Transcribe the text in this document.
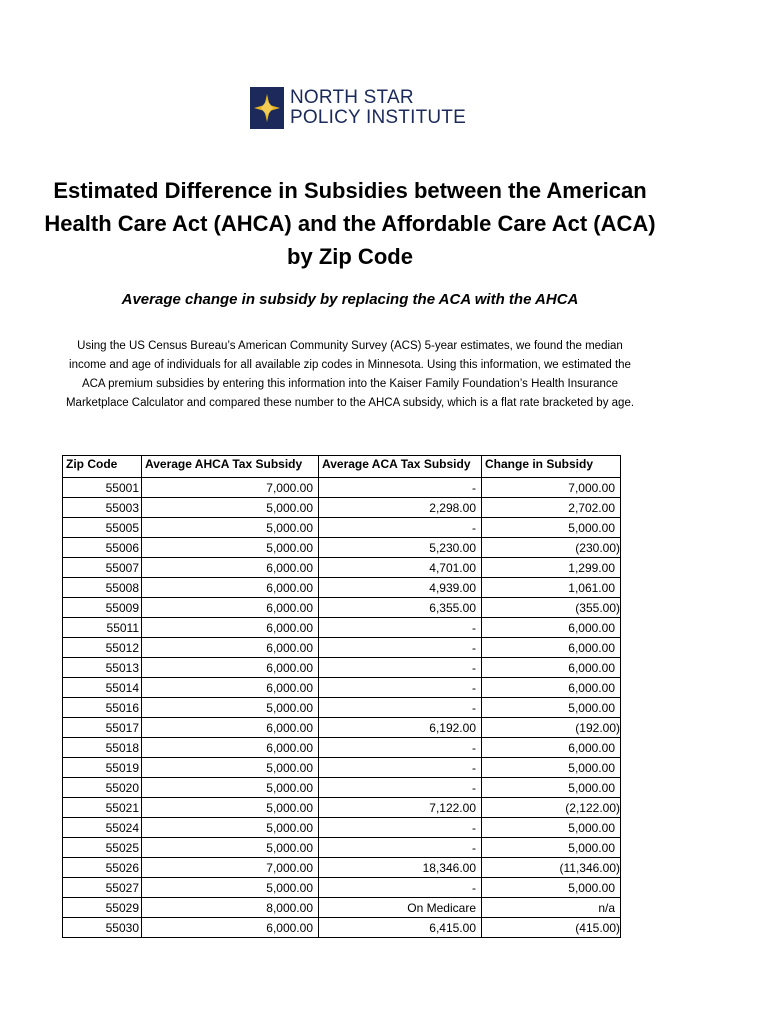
NORTH STAR
POLICY INSTITUTE
Estimated Difference in Subsidies between the American Health Care Act (AHCA) and the Affordable Care Act (ACA) by Zip Code
Average change in subsidy by replacing the ACA with the AHCA
Using the US Census Bureau’s American Community Survey (ACS) 5-year estimates, we found the median income and age of individuals for all available zip codes in Minnesota. Using this information, we estimated the ACA premium subsidies by entering this information into the Kaiser Family Foundation’s Health Insurance Marketplace Calculator and compared these number to the AHCA subsidy, which is a flat rate bracketed by age.
Zip Code	Average AHCA Tax Subsidy	Average ACA Tax Subsidy	Change in Subsidy
55001	7,000.00	-	7,000.00
55003	5,000.00	2,298.00	2,702.00
55005	5,000.00	-	5,000.00
55006	5,000.00	5,230.00	(230.00)
55007	6,000.00	4,701.00	1,299.00
55008	6,000.00	4,939.00	1,061.00
55009	6,000.00	6,355.00	(355.00)
55011	6,000.00	-	6,000.00
55012	6,000.00	-	6,000.00
55013	6,000.00	-	6,000.00
55014	6,000.00	-	6,000.00
55016	5,000.00	-	5,000.00
55017	6,000.00	6,192.00	(192.00)
55018	6,000.00	-	6,000.00
55019	5,000.00	-	5,000.00
55020	5,000.00	-	5,000.00
55021	5,000.00	7,122.00	(2,122.00)
55024	5,000.00	-	5,000.00
55025	5,000.00	-	5,000.00
55026	7,000.00	18,346.00	(11,346.00)
55027	5,000.00	-	5,000.00
55029	8,000.00	On Medicare	n/a
55030	6,000.00	6,415.00	(415.00)
